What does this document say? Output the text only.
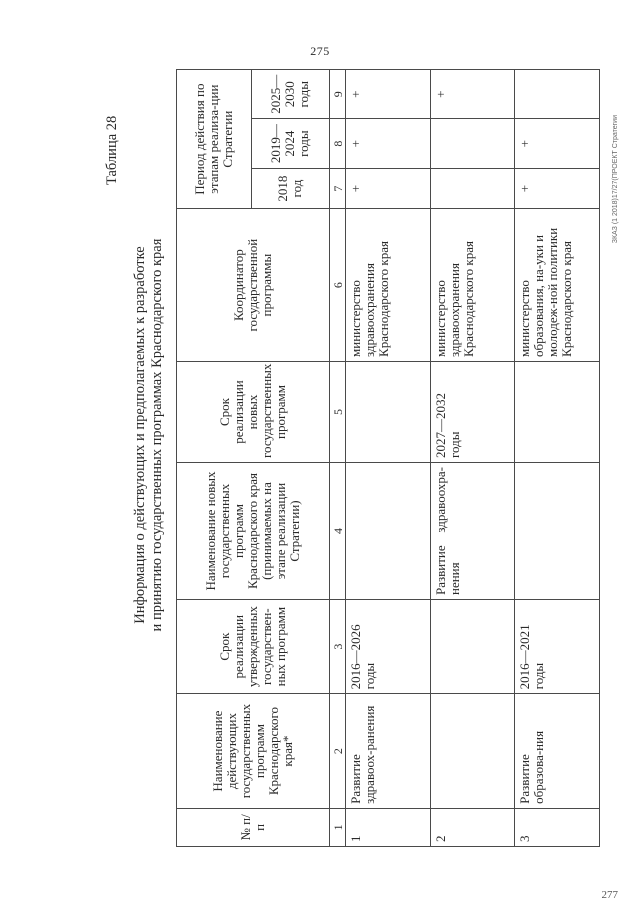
275
Таблица 28
Информация о действующих и предполагаемых к разработке и принятию государственных программах Краснодарского края
№ п/п	Наименование действующих государственных программ Краснодарского края*	Срок реализации утвержденных государствен-ных программ	Наименование новых государственных программ Краснодарского края (принимаемых на этапе реализации Стратегии)	Срок реализации новых государственных программ	Координатор государственной программы	Период действия по этапам реализа-ции Стратегии		
						2018 год	2019—2024 годы	2025—2030 годы
1	2	3	4	5	6	7	8	9
1	Развитие здравоох-ранения	2016—2026 годы			министерство здравоохранения Краснодарского края	+	+	+
2			Развитие здравоохра-нения	2027—2032 годы	министерство здравоохранения Краснодарского края			+
3	Развитие образова-ния	2016—2021 годы			министерство образования, на-уки и молодеж-ной политики Краснодарского края	+	+		ЗКАЗ (1 2018)17/27(ПРОЕКТ Стратегии
277
